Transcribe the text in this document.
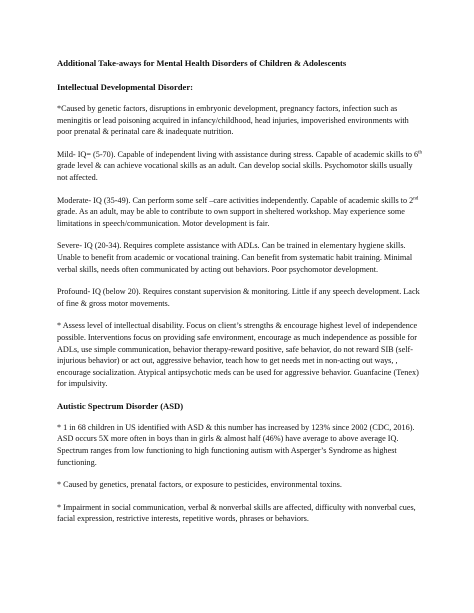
Additional Take-aways for Mental Health Disorders of Children & Adolescents
Intellectual Developmental Disorder:

*Caused by genetic factors, disruptions in embryonic development, pregnancy factors, infection such as meningitis or lead poisoning acquired in infancy/childhood, head injuries, impoverished environments with poor prenatal & perinatal care & inadequate nutrition.

Mild- IQ= (5-70). Capable of independent living with assistance during stress. Capable of academic skills to 6th grade level & can achieve vocational skills as an adult. Can develop social skills. Psychomotor skills usually not affected.

Moderate- IQ (35-49). Can perform some self –care activities independently. Capable of academic skills to 2nd grade. As an adult, may be able to contribute to own support in sheltered workshop. May experience some limitations in speech/communication. Motor development is fair.

Severe- IQ (20-34). Requires complete assistance with ADLs. Can be trained in elementary hygiene skills. Unable to benefit from academic or vocational training. Can benefit from systematic habit training. Minimal verbal skills, needs often communicated by acting out behaviors. Poor psychomotor development.

Profound- IQ (below 20). Requires constant supervision & monitoring. Little if any speech development. Lack of fine & gross motor movements.

* Assess level of intellectual disability. Focus on client’s strengths & encourage highest level of independence possible. Interventions focus on providing safe environment, encourage as much independence as possible for ADLs, use simple communication, behavior therapy-reward positive, safe behavior, do not reward SIB (self-injurious behavior) or act out, aggressive behavior, teach how to get needs met in non-acting out ways, , encourage socialization. Atypical antipsychotic meds can be used for aggressive behavior. Guanfacine (Tenex) for impulsivity.

Autistic Spectrum Disorder (ASD)

* 1 in 68 children in US identified with ASD & this number has increased by 123% since 2002 (CDC, 2016). ASD occurs 5X more often in boys than in girls & almost half (46%) have average to above average IQ. Spectrum ranges from low functioning to high functioning autism with Asperger’s Syndrome as highest functioning.

* Caused by genetics, prenatal factors, or exposure to pesticides, environmental toxins.

* Impairment in social communication, verbal & nonverbal skills are affected, difficulty with nonverbal cues, facial expression, restrictive interests, repetitive words, phrases or behaviors.
